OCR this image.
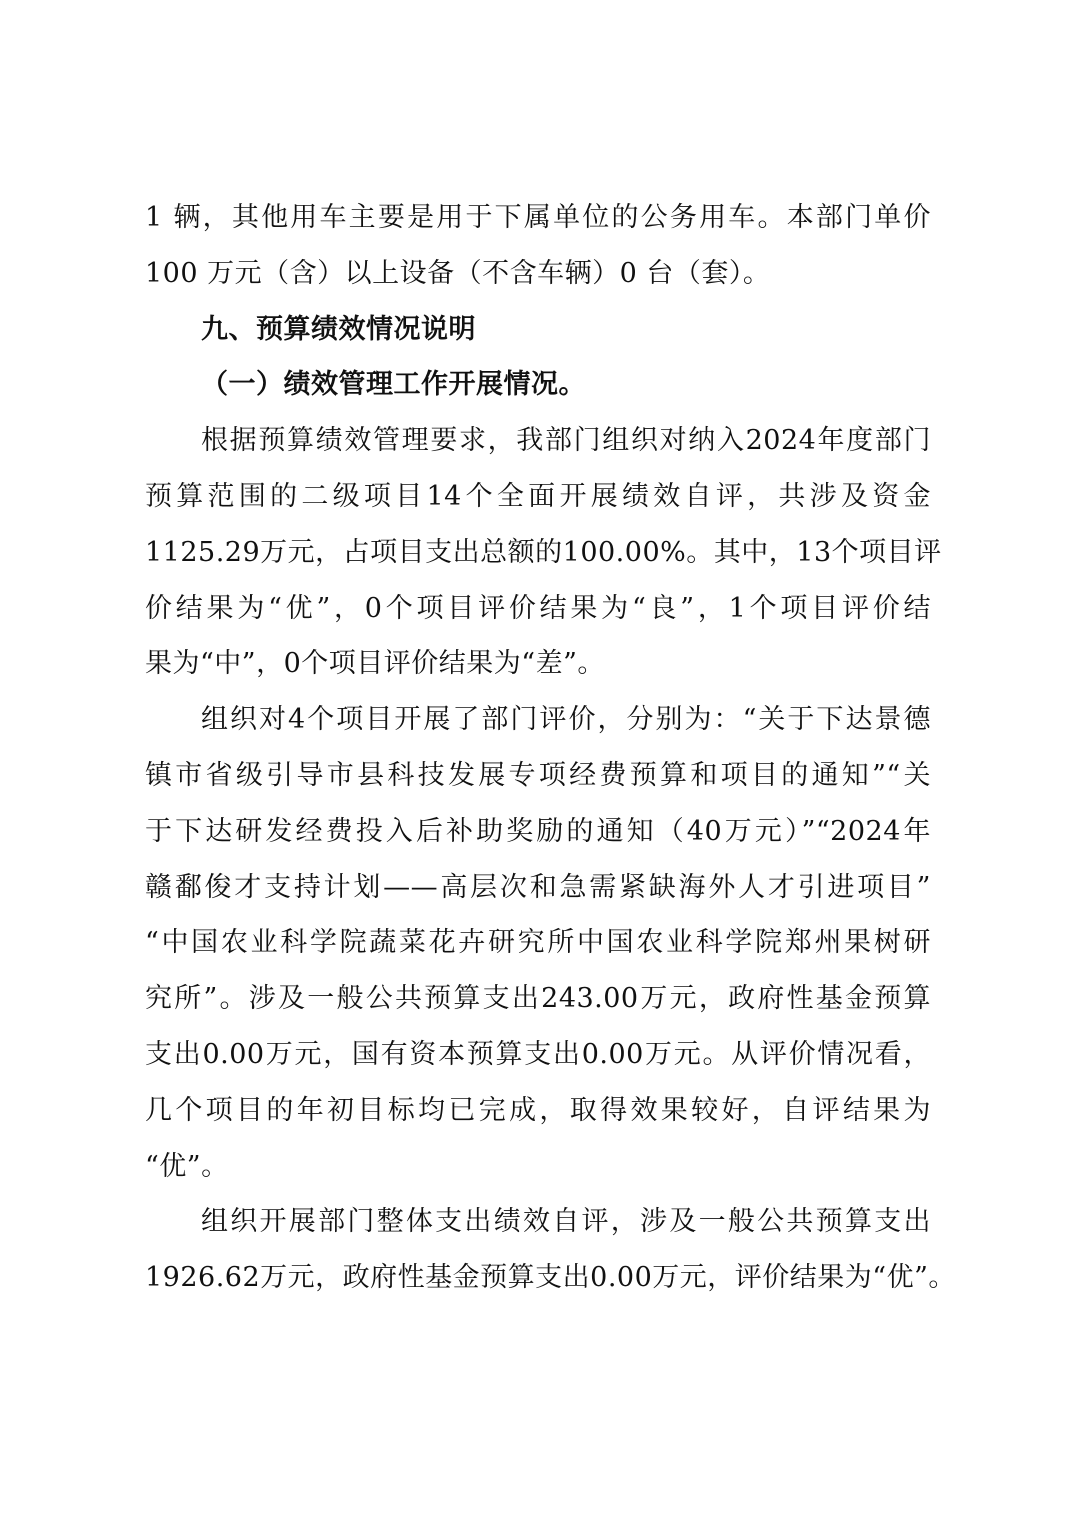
1 辆，其他用车主要是用于下属单位的公务用车。本部门单价
100 万元（含）以上设备（不含车辆）0 台（套）。
九、预算绩效情况说明
（一）绩效管理工作开展情况。
根据预算绩效管理要求，我部门组织对纳入2024年度部门
预算范围的二级项目14个全面开展绩效自评，共涉及资金
1125.29万元，占项目支出总额的100.00%。其中，13个项目评
价结果为“优”，0个项目评价结果为“良”，1个项目评价结
果为“中”，0个项目评价结果为“差”。
组织对4个项目开展了部门评价，分别为：“关于下达景德
镇市省级引导市县科技发展专项经费预算和项目的通知”“关
于下达研发经费投入后补助奖励的通知（40万元）”“2024年
赣鄱俊才支持计划——高层次和急需紧缺海外人才引进项目”
“中国农业科学院蔬菜花卉研究所中国农业科学院郑州果树研
究所”。涉及一般公共预算支出243.00万元，政府性基金预算
支出0.00万元，国有资本预算支出0.00万元。从评价情况看，
几个项目的年初目标均已完成，取得效果较好，自评结果为
“优”。
组织开展部门整体支出绩效自评，涉及一般公共预算支出
1926.62万元，政府性基金预算支出0.00万元，评价结果为“优”。
